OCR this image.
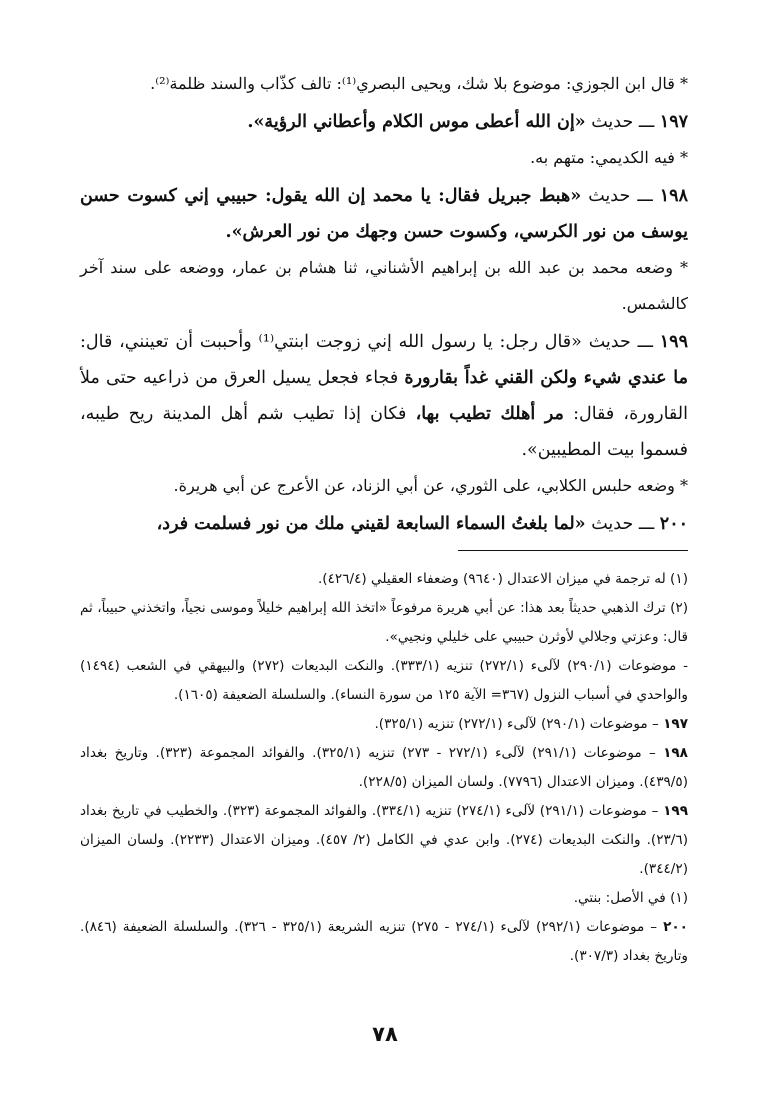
* قال ابن الجوزي: موضوع بلا شك، ويحيى البصري⁽¹⁾: تالف كذّاب والسند ظلمة⁽²⁾.

١٩٧ ـــ حديث «إن الله أعطى موس الكلام وأعطاني الرؤية».

* فيه الكديمي: متهم به.

١٩٨ ـــ حديث «هبط جبريل فقال: يا محمد إن الله يقول: حبيبي إني كسوت حسن يوسف من نور الكرسي، وكسوت حسن وجهك من نور العرش».

* وضعه محمد بن عبد الله بن إبراهيم الأشناني، ثنا هشام بن عمار، ووضعه على سند آخر كالشمس.

١٩٩ ـــ حديث «قال رجل: يا رسول الله إني زوجت ابنتي⁽¹⁾ وأحببت أن تعينني، قال: ما عندي شيء ولكن القني غداً بقارورة فجاء فجعل يسيل العرق من ذراعيه حتى ملأ القارورة، فقال: مر أهلك تطيب بها، فكان إذا تطيب شم أهل المدينة ريح طيبه، فسموا بيت المطيبين».

* وضعه حلبس الكلابي، على الثوري، عن أبي الزناد، عن الأعرج عن أبي هريرة.

٢٠٠ ـــ حديث «لما بلغتُ السماء السابعة لقيني ملك من نور فسلمت فرد،

(١) له ترجمة في ميزان الاعتدال (٩٦٤٠) وضعفاء العقيلي (٤٢٦/٤).

(٢) ترك الذهبي حديثاً بعد هذا: عن أبي هريرة مرفوعاً «اتخذ الله إبراهيم خليلاً وموسى نجياً، واتخذني حبيباً، ثم قال: وعزتي وجلالي لأوثرن حبيبي على خليلي ونجيي».

- موضوعات (٢٩٠/١) لآلىء (٢٧٢/١) تنزيه (٣٣٣/١). والنكت البديعات (٢٧٢) والبيهقي في الشعب (١٤٩٤) والواحدي في أسباب النزول (٣٦٧= الآية ١٢٥ من سورة النساء). والسلسلة الضعيفة (١٦٠٥).

١٩٧ – موضوعات (٢٩٠/١) لآلىء (٢٧٢/١) تنزيه (٣٢٥/١).

١٩٨ – موضوعات (٢٩١/١) لآلىء (٢٧٢/١ - ٢٧٣) تنزيه (٣٢٥/١). والفوائد المجموعة (٣٢٣). وتاريخ بغداد (٤٣٩/٥). وميزان الاعتدال (٧٧٩٦). ولسان الميزان (٢٢٨/٥).

١٩٩ – موضوعات (٢٩١/١) لآلىء (٢٧٤/١) تنزيه (٣٣٤/١). والفوائد المجموعة (٣٢٣). والخطيب في تاريخ بغداد (٢٣/٦). والنكت البديعات (٢٧٤). وابن عدي في الكامل (٢/ ٤٥٧). وميزان الاعتدال (٢٢٣٣). ولسان الميزان (٣٤٤/٢).

(١) في الأصل: بنتي.

٢٠٠ – موضوعات (٢٩٢/١) لآلىء (٢٧٤/١ - ٢٧٥) تنزيه الشريعة (٣٢٥/١ - ٣٢٦). والسلسلة الضعيفة (٨٤٦). وتاريخ بغداد (٣٠٧/٣).

٧٨
